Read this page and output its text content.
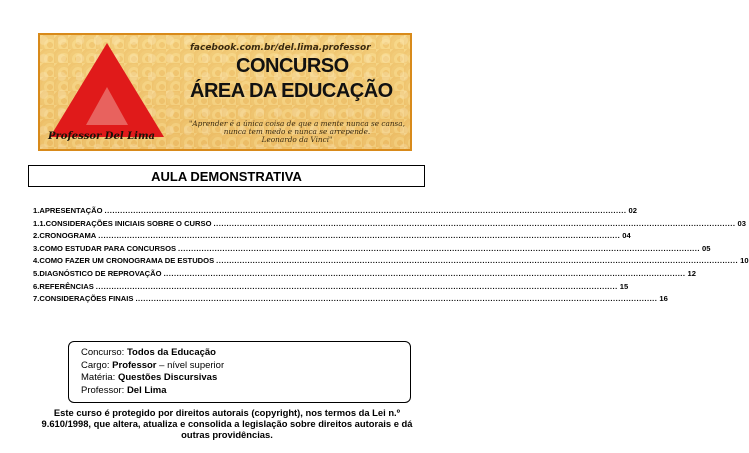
facebook.com.br/del.lima.professor
CONCURSO
ÁREA DA EDUCAÇÃO
"Aprender é a única coisa de que a mente nunca se cansa,
nunca tem medo e nunca se arrepende.
Leonardo da Vinci"
Professor Del Lima
AULA DEMONSTRATIVA
1. APRESENTAÇÃO ........................................................................................................................................................................................................ 02
1.1. CONSIDERAÇÕES INICIAIS SOBRE O CURSO ........................................................................................................................................................................................................ 03
2. CRONOGRAMA ........................................................................................................................................................................................................ 04
3. COMO ESTUDAR PARA CONCURSOS ........................................................................................................................................................................................................ 05
4. COMO FAZER UM CRONOGRAMA DE ESTUDOS ........................................................................................................................................................................................................ 10
5. DIAGNÓSTICO DE REPROVAÇÃO ........................................................................................................................................................................................................ 12
6. REFERÊNCIAS ........................................................................................................................................................................................................ 15
7. CONSIDERAÇÕES FINAIS ........................................................................................................................................................................................................ 16
Concurso: Todos da Educação
Cargo: Professor – nível superior
Matéria: Questões Discursivas
Professor: Del Lima
Este curso é protegido por direitos autorais (copyright), nos termos da Lei n.º 9.610/1998, que altera, atualiza e consolida a legislação sobre direitos autorais e dá outras providências.
